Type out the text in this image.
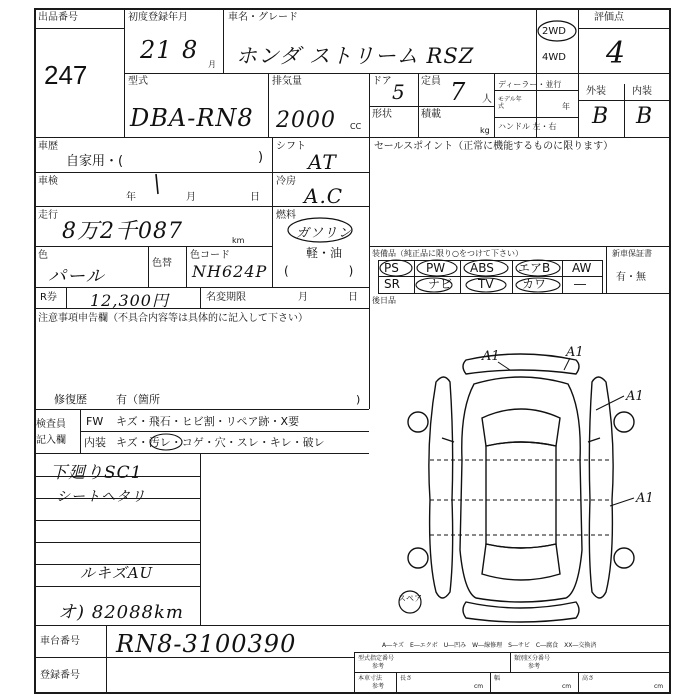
出品番号
247
初度登録年月
21 8
月
車名・グレード
ホンダ ストリーム RSZ
2WD
4WD
評価点
4
型式
DBA-RN8
排気量
2000 CC
ドア 5 定員 7 人
形状	積載
kg
ディーラー・並行
モデル年式	年
ハンドル 左・右
外装	内装
B B
車歴
自家用・(	)
シフト
AT
車検
年	月	日
冷房
A.C
走行
8万2千087	km
燃料
ガソリン
軽・油
(　　　　　)
色
パール
色替
色コード
NH624P
R券 12,300円	名変期限	月	日
セールスポイント（正常に機能するものに限ります）
装備品（純正品に限り○をつけて下さい）	新車保証書
有・無
PS PW ABS エアB AW
SR ナビ TV カワ ―
後日品
注意事項申告欄（不具合内容等は具体的に記入して下さい）
修復歴	有（箇所	)
検査員
記入欄
FW キズ・飛石・ヒビ割・リペア跡・X要
内装 キズ・汚レ・コゲ・穴・スレ・キレ・破レ
下廻りSC1
シートヘタリ
ルキズAU
オ) 82088km
A1	A1
A1
A1
スペア
車台番号 RN8-3100390
登録番号
A―キズ　E―エクボ　U―凹み　W―線修理　S―サビ　C―腐食　XX―交換済
型式指定番号
参考
類別区分番号
参考
本車寸法
参考
長さ
cm
幅
cm
高さ
cm
